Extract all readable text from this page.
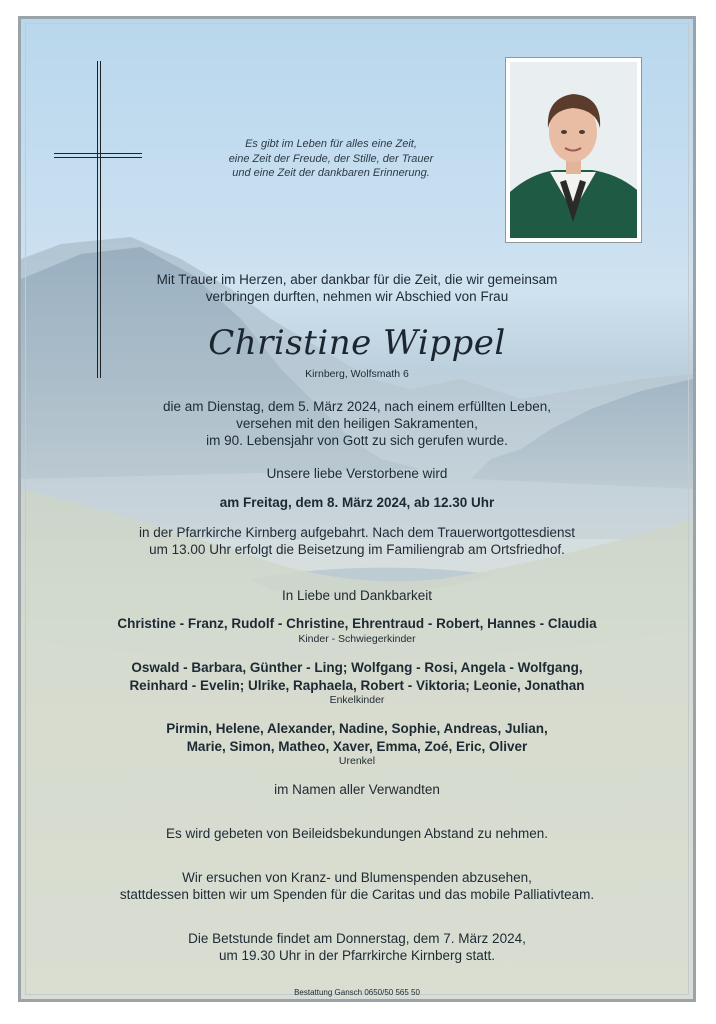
Es gibt im Leben für alles eine Zeit,
eine Zeit der Freude, der Stille, der Trauer
und eine Zeit der dankbaren Erinnerung.
Mit Trauer im Herzen, aber dankbar für die Zeit, die wir gemeinsam
verbringen durften, nehmen wir Abschied von Frau
Christine Wippel
Kirnberg, Wolfsmath 6
die am Dienstag, dem 5. März 2024, nach einem erfüllten Leben,
versehen mit den heiligen Sakramenten,
im 90. Lebensjahr von Gott zu sich gerufen wurde.
Unsere liebe Verstorbene wird
am Freitag, dem 8. März 2024, ab 12.30 Uhr
in der Pfarrkirche Kirnberg aufgebahrt. Nach dem Trauerwortgottesdienst
um 13.00 Uhr erfolgt die Beisetzung im Familiengrab am Ortsfriedhof.
In Liebe und Dankbarkeit
Christine - Franz, Rudolf - Christine, Ehrentraud - Robert, Hannes - Claudia
Kinder - Schwiegerkinder
Oswald - Barbara, Günther - Ling; Wolfgang - Rosi, Angela - Wolfgang,
Reinhard - Evelin; Ulrike, Raphaela, Robert - Viktoria; Leonie, Jonathan
Enkelkinder
Pirmin, Helene, Alexander, Nadine, Sophie, Andreas, Julian,
Marie, Simon, Matheo, Xaver, Emma, Zoé, Eric, Oliver
Urenkel
im Namen aller Verwandten
Es wird gebeten von Beileidsbekundungen Abstand zu nehmen.
Wir ersuchen von Kranz- und Blumenspenden abzusehen,
stattdessen bitten wir um Spenden für die Caritas und das mobile Palliativteam.
Die Betstunde findet am Donnerstag, dem 7. März 2024,
um 19.30 Uhr in der Pfarrkirche Kirnberg statt.
Bestattung Gansch 0650/50 565 50
